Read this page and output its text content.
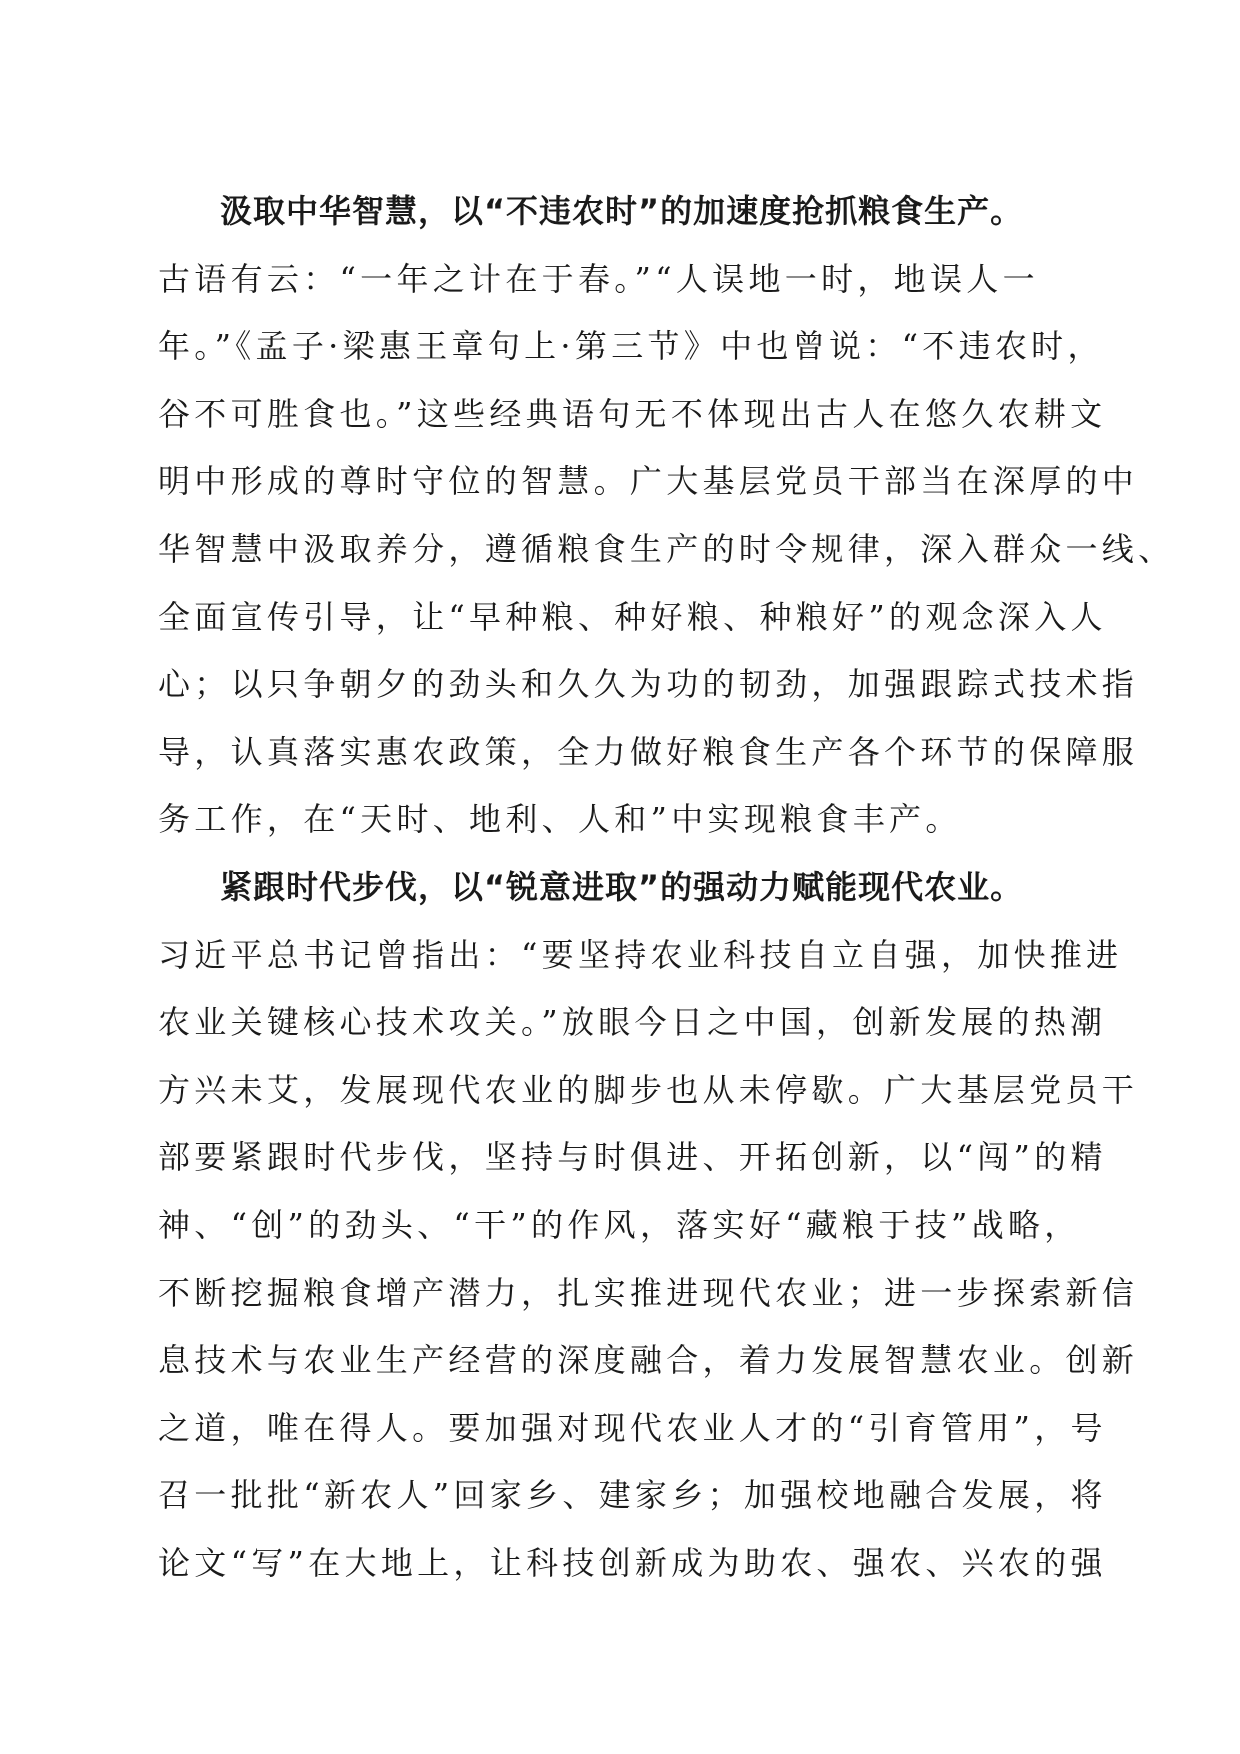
汲取中华智慧，以“不违农时”的加速度抢抓粮食生产。
古语有云：“一年之计在于春。”“人误地一时，地误人一
年。”《孟子·梁惠王章句上·第三节》中也曾说：“不违农时，
谷不可胜食也。”这些经典语句无不体现出古人在悠久农耕文
明中形成的尊时守位的智慧。广大基层党员干部当在深厚的中
华智慧中汲取养分，遵循粮食生产的时令规律，深入群众一线、
全面宣传引导，让“早种粮、种好粮、种粮好”的观念深入人
心；以只争朝夕的劲头和久久为功的韧劲，加强跟踪式技术指
导，认真落实惠农政策，全力做好粮食生产各个环节的保障服
务工作，在“天时、地利、人和”中实现粮食丰产。
紧跟时代步伐，以“锐意进取”的强动力赋能现代农业。
习近平总书记曾指出：“要坚持农业科技自立自强，加快推进
农业关键核心技术攻关。”放眼今日之中国，创新发展的热潮
方兴未艾，发展现代农业的脚步也从未停歇。广大基层党员干
部要紧跟时代步伐，坚持与时俱进、开拓创新，以“闯”的精
神、“创”的劲头、“干”的作风，落实好“藏粮于技”战略，
不断挖掘粮食增产潜力，扎实推进现代农业；进一步探索新信
息技术与农业生产经营的深度融合，着力发展智慧农业。创新
之道，唯在得人。要加强对现代农业人才的“引育管用”，号
召一批批“新农人”回家乡、建家乡；加强校地融合发展，将
论文“写”在大地上，让科技创新成为助农、强农、兴农的强
